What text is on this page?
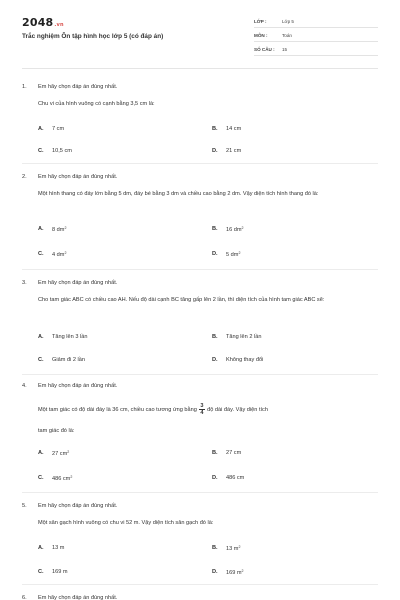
2048.vn
Trắc nghiệm Ôn tập hình học lớp 5 (có đáp án)
LỚP :	Lớp 5
MÔN :	Toán
SỐ CÂU : 15
1. Em hãy chọn đáp án đúng nhất.
Chu vi của hình vuông có cạnh bằng 3,5 cm là:
A. 7 cm	B. 14 cm
C. 10,5 cm	D. 21 cm
2. Em hãy chọn đáp án đúng nhất.
Một hình thang có đáy lớn bằng 5 dm, đáy bé bằng 3 dm và chiều cao bằng 2 dm. Vậy diện tích hình thang đó là:
A. 8 $dm^2$	B. 16 $dm^2$
C. 4 $dm^2$	D. 5 $dm^2$
3. Em hãy chọn đáp án đúng nhất.
Cho tam giác ABC có chiều cao AH. Nếu độ dài cạnh BC tăng gấp lên 2 lần, thì diện tích của hình tam giác ABC sẽ:
A. Tăng lên 3 lần	B. Tăng lên 2 lần
C. Giảm đi 2 lần	D. Không thay đổi
4. Em hãy chọn đáp án đúng nhất.
Một tam giác có độ dài đáy là 36 cm, chiều cao tương ứng bằng $\frac{3}{4}$ độ dài đáy. Vậy diện tích
tam giác đó là:
A. 27 $cm^2$	B. 27 cm
C. 486 $cm^2$	D. 486 cm
5. Em hãy chọn đáp án đúng nhất.
Một sân gạch hình vuông có chu vi 52 m. Vậy diện tích sân gạch đó là:
A. 13 m	B. 13 $m^2$
C. 169 m	D. 169 $m^2$
6. Em hãy chọn đáp án đúng nhất.
